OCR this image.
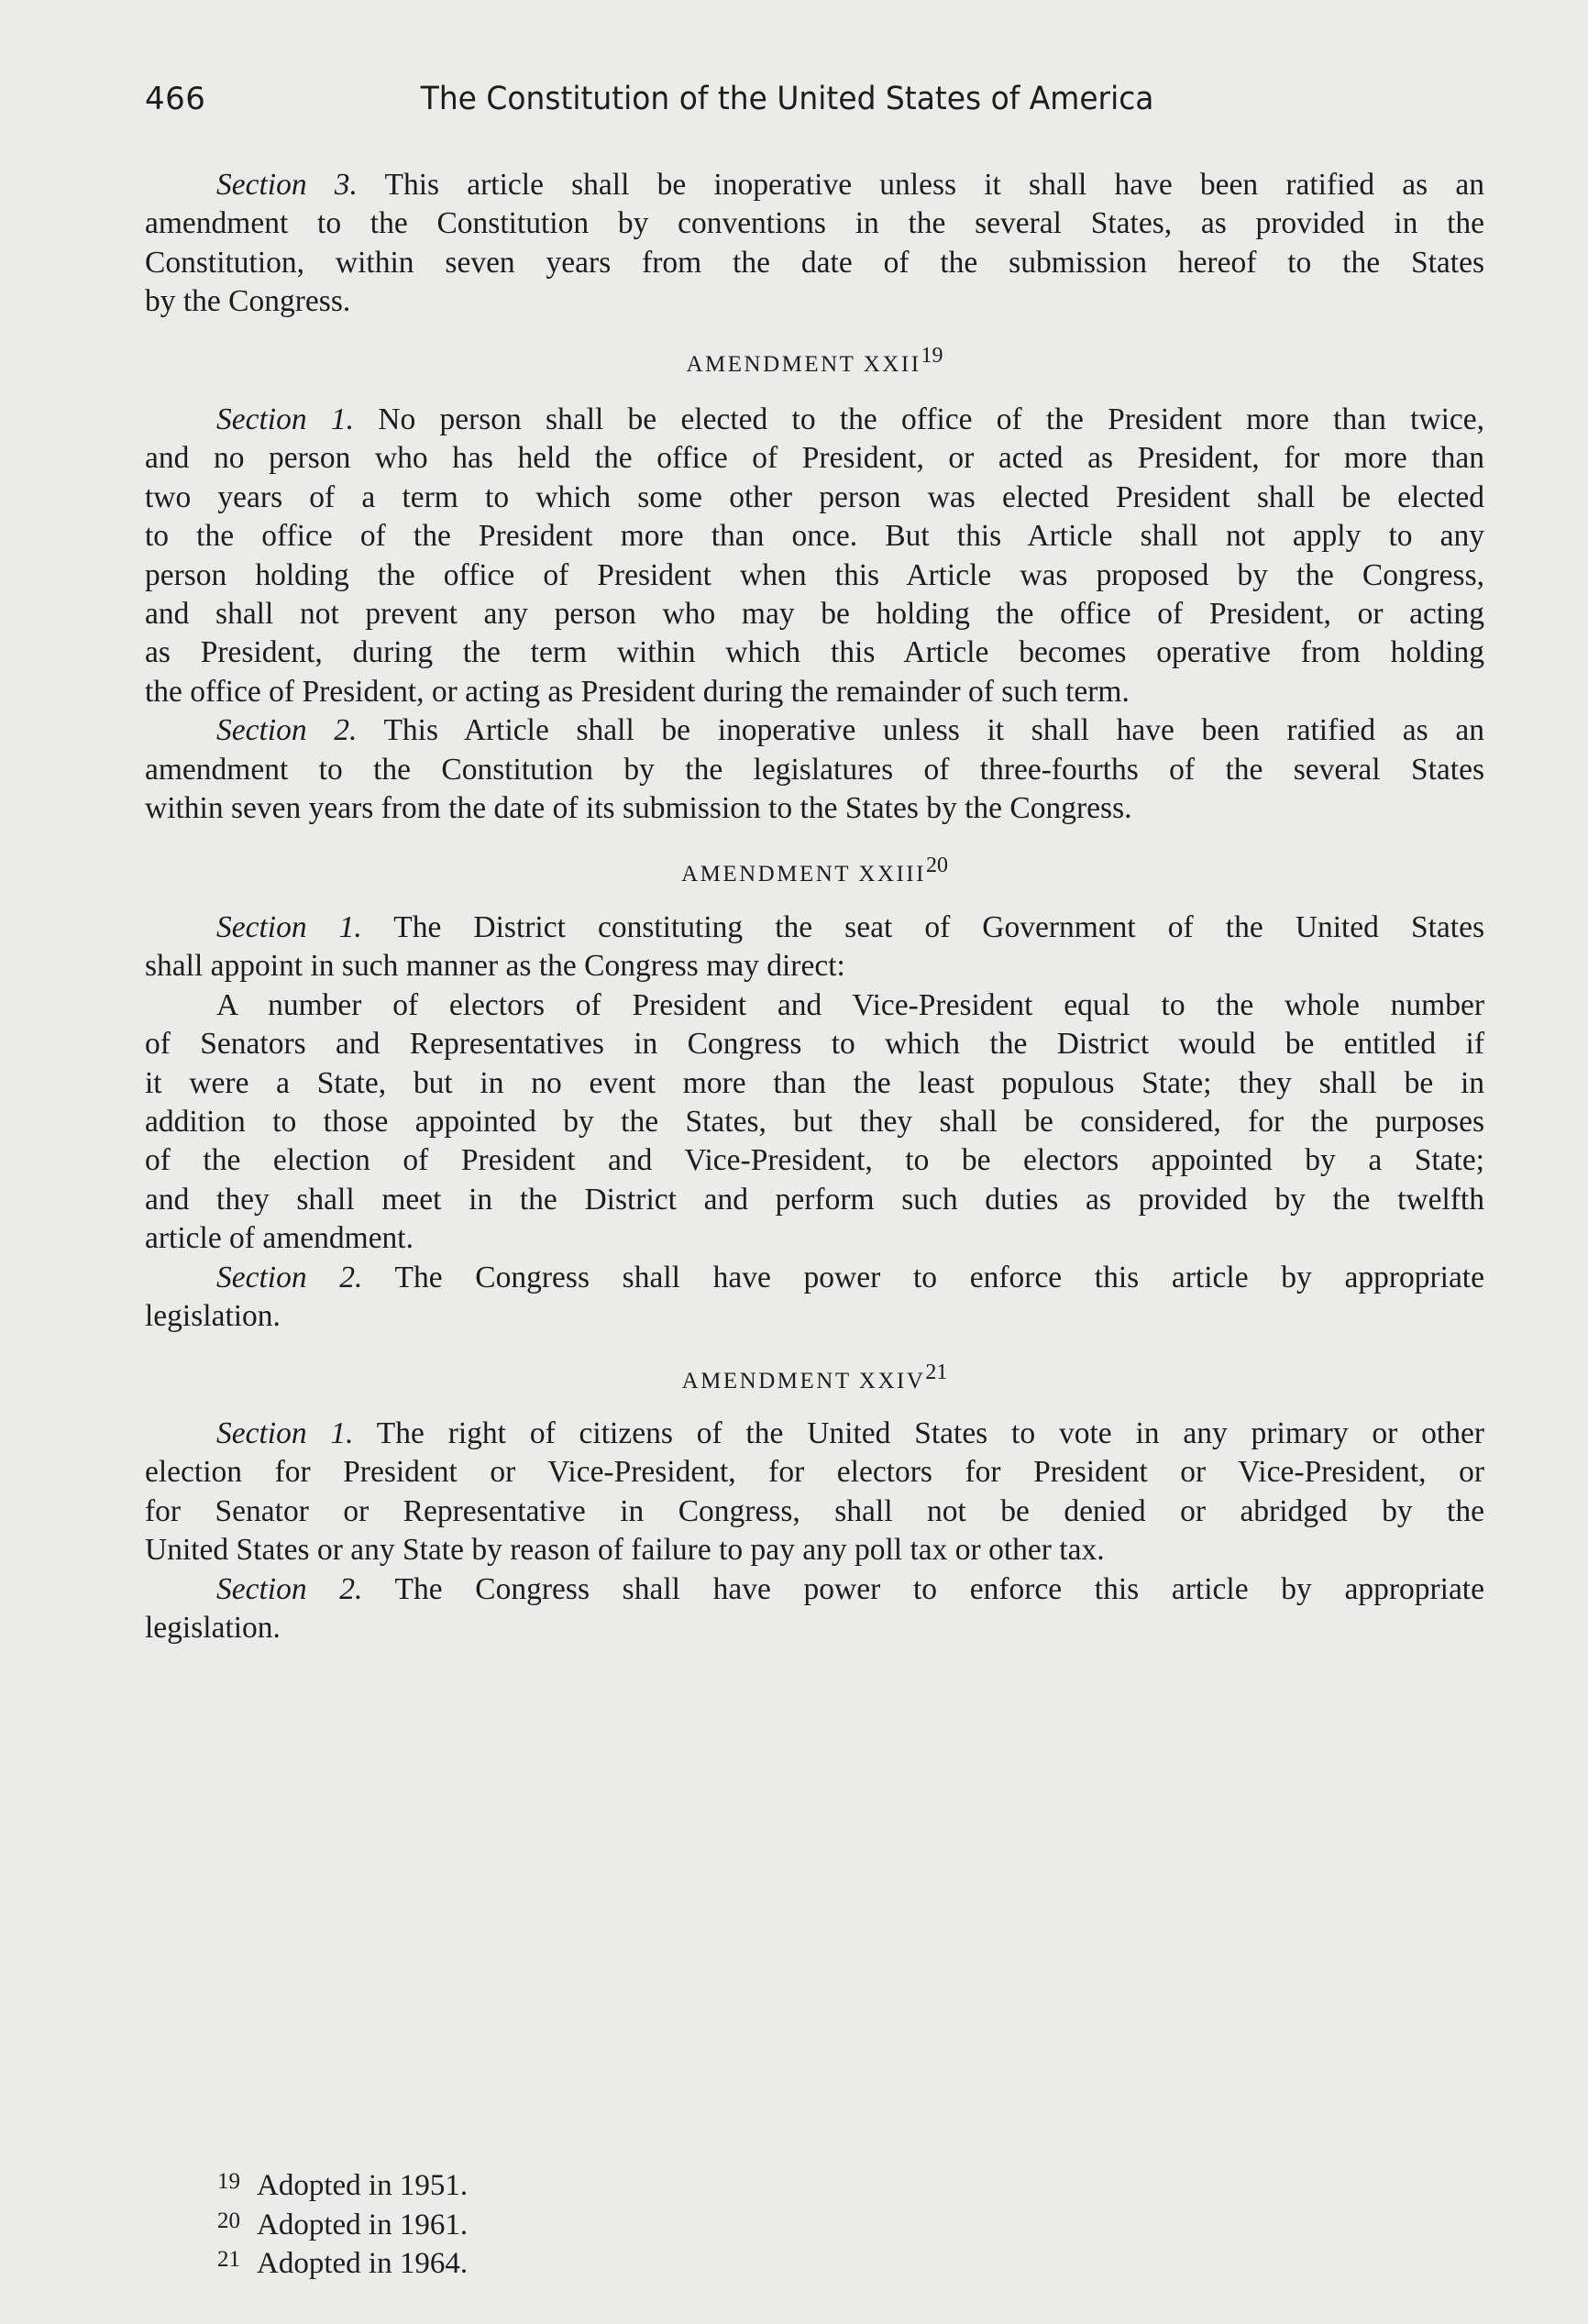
466	The Constitution of the United States of America
Section 3. This article shall be inoperative unless it shall have been ratified as an
amendment to the Constitution by conventions in the several States, as provided in the
Constitution, within seven years from the date of the submission hereof to the States
by the Congress.
AMENDMENT XXII$^{19}$
Section 1. No person shall be elected to the office of the President more than twice,
and no person who has held the office of President, or acted as President, for more than
two years of a term to which some other person was elected President shall be elected
to the office of the President more than once. But this Article shall not apply to any
person holding the office of President when this Article was proposed by the Congress,
and shall not prevent any person who may be holding the office of President, or acting
as President, during the term within which this Article becomes operative from holding
the office of President, or acting as President during the remainder of such term.
Section 2. This Article shall be inoperative unless it shall have been ratified as an
amendment to the Constitution by the legislatures of three-fourths of the several States
within seven years from the date of its submission to the States by the Congress.
AMENDMENT XXIII$^{20}$
Section 1. The District constituting the seat of Government of the United States
shall appoint in such manner as the Congress may direct:
A number of electors of President and Vice-President equal to the whole number
of Senators and Representatives in Congress to which the District would be entitled if
it were a State, but in no event more than the least populous State; they shall be in
addition to those appointed by the States, but they shall be considered, for the purposes
of the election of President and Vice-President, to be electors appointed by a State;
and they shall meet in the District and perform such duties as provided by the twelfth
article of amendment.
Section 2. The Congress shall have power to enforce this article by appropriate
legislation.
AMENDMENT XXIV$^{21}$
Section 1. The right of citizens of the United States to vote in any primary or other
election for President or Vice-President, for electors for President or Vice-President, or
for Senator or Representative in Congress, shall not be denied or abridged by the
United States or any State by reason of failure to pay any poll tax or other tax.
Section 2. The Congress shall have power to enforce this article by appropriate
legislation.
19 Adopted in 1951.
20 Adopted in 1961.
21 Adopted in 1964.
